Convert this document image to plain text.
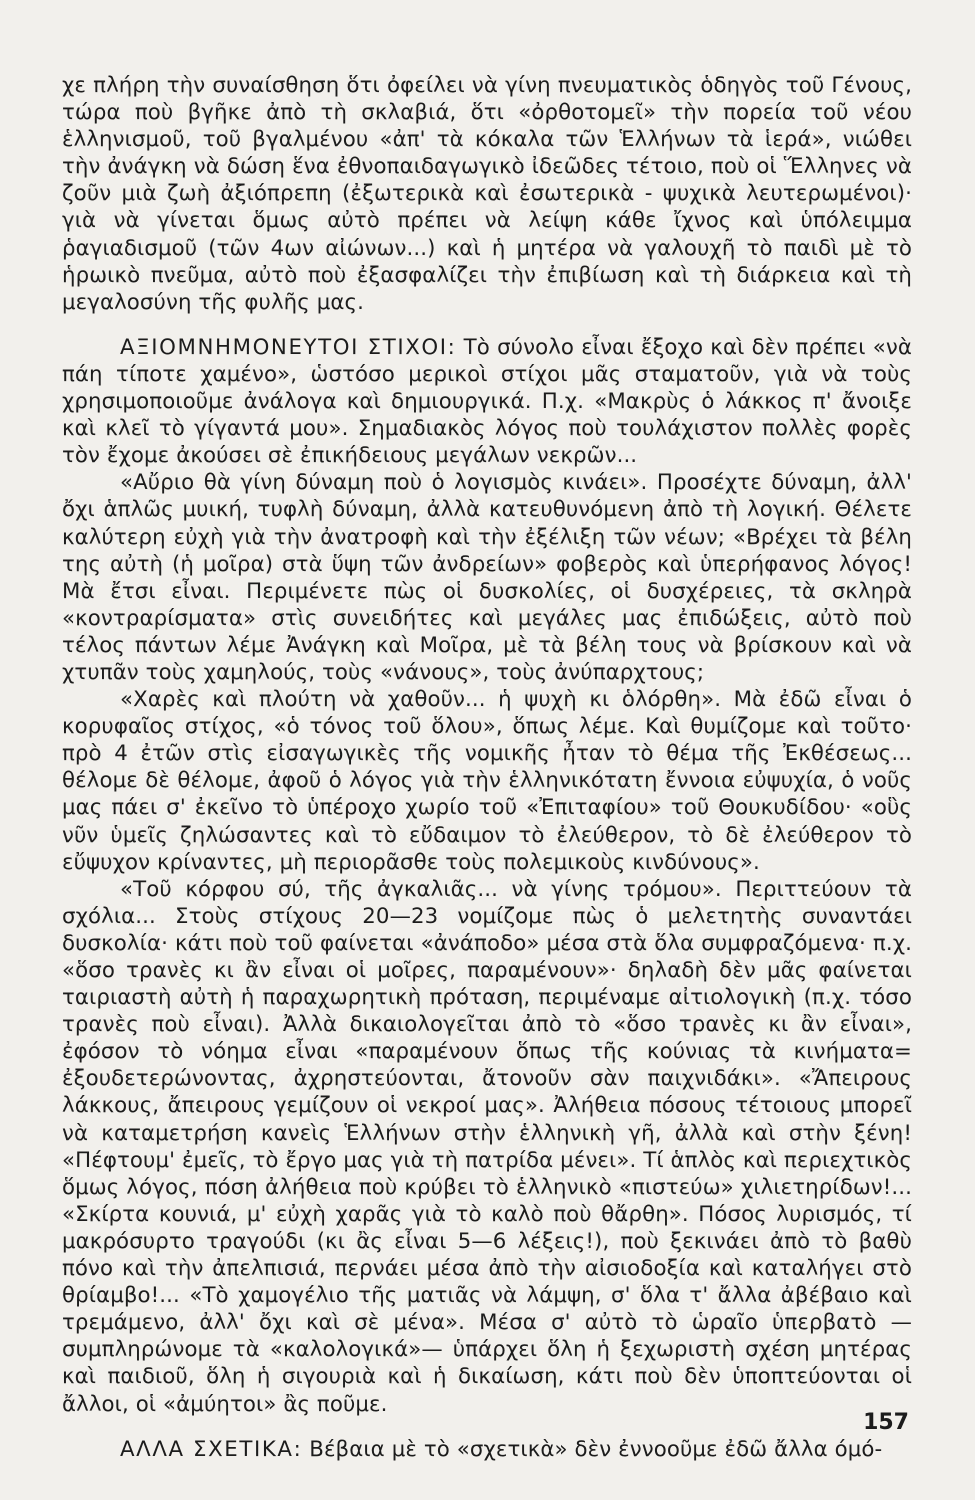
χε πλήρη τὴν συναίσθηση ὅτι ὀφείλει νὰ γίνη πνευματικὸς ὁδηγὸς τοῦ Γένους, τώρα ποὺ βγῆκε ἀπὸ τὴ σκλαβιά, ὅτι «ὀρθοτομεῖ» τὴν πορεία τοῦ νέου ἑλληνισμοῦ, τοῦ βγαλμένου «ἀπ' τὰ κόκαλα τῶν Ἑλλήνων τὰ ἱερά», νιώθει τὴν ἀνάγκη νὰ δώση ἕνα ἐθνοπαιδαγωγικὸ ἰδεῶδες τέτοιο, ποὺ οἱ Ἕλληνες νὰ ζοῦν μιὰ ζωὴ ἀξιόπρεπη (ἐξωτερικὰ καὶ ἐσωτερικὰ - ψυχικὰ λευτερωμένοι)· γιὰ νὰ γίνεται ὅμως αὐτὸ πρέπει νὰ λείψη κάθε ἴχνος καὶ ὑπόλειμμα ῥαγιαδισμοῦ (τῶν 4ων αἰώνων...) καὶ ἡ μητέρα νὰ γαλουχῆ τὸ παιδὶ μὲ τὸ ἡρωικὸ πνεῦμα, αὐτὸ ποὺ ἐξασφαλίζει τὴν ἐπιβίωση καὶ τὴ διάρκεια καὶ τὴ μεγαλοσύνη τῆς φυλῆς μας.

ΑΞΙΟΜΝΗΜΟΝΕΥΤΟΙ ΣΤΙΧΟΙ: Τὸ σύνολο εἶναι ἔξοχο καὶ δὲν πρέπει «νὰ πάη τίποτε χαμένο», ὡστόσο μερικοὶ στίχοι μᾶς σταματοῦν, γιὰ νὰ τοὺς χρησιμοποιοῦμε ἀνάλογα καὶ δημιουργικά. Π.χ. «Μακρὺς ὁ λάκκος π' ἄνοιξε καὶ κλεῖ τὸ γίγαντά μου». Σημαδιακὸς λόγος ποὺ τουλάχιστον πολλὲς φορὲς τὸν ἔχομε ἀκούσει σὲ ἐπικήδειους μεγάλων νεκρῶν...

«Αὔριο θὰ γίνη δύναμη ποὺ ὁ λογισμὸς κινάει». Προσέχτε δύναμη, ἀλλ' ὄχι ἁπλῶς μυική, τυφλὴ δύναμη, ἀλλὰ κατευθυνόμενη ἀπὸ τὴ λογική. Θέλετε καλύτερη εὐχὴ γιὰ τὴν ἀνατροφὴ καὶ τὴν ἐξέλιξη τῶν νέων; «Βρέχει τὰ βέλη της αὐτὴ (ἡ μοῖρα) στὰ ὕψη τῶν ἀνδρείων» φοβερὸς καὶ ὑπερήφανος λόγος! Μὰ ἔτσι εἶναι. Περιμένετε πὼς οἱ δυσκολίες, οἱ δυσχέρειες, τὰ σκληρὰ «κοντραρίσματα» στὶς συνειδήτες καὶ μεγάλες μας ἐπιδώξεις, αὐτὸ ποὺ τέλος πάντων λέμε Ἀνάγκη καὶ Μοῖρα, μὲ τὰ βέλη τους νὰ βρίσκουν καὶ νὰ χτυπᾶν τοὺς χαμηλούς, τοὺς «νάνους», τοὺς ἀνύπαρχτους;

«Χαρὲς καὶ πλούτη νὰ χαθοῦν... ἡ ψυχὴ κι ὁλόρθη». Μὰ ἐδῶ εἶναι ὁ κορυφαῖος στίχος, «ὁ τόνος τοῦ ὅλου», ὅπως λέμε. Καὶ θυμίζομε καὶ τοῦτο· πρὸ 4 ἐτῶν στὶς εἰσαγωγικὲς τῆς νομικῆς ἦταν τὸ θέμα τῆς Ἐκθέσεως... θέλομε δὲ θέλομε, ἀφοῦ ὁ λόγος γιὰ τὴν ἑλληνικότατη ἔννοια εὐψυχία, ὁ νοῦς μας πάει σ' ἐκεῖνο τὸ ὑπέροχο χωρίο τοῦ «Ἐπιταφίου» τοῦ Θουκυδίδου· «οὓς νῦν ὑμεῖς ζηλώσαντες καὶ τὸ εὔδαιμον τὸ ἐλεύθερον, τὸ δὲ ἐλεύθερον τὸ εὔψυχον κρίναντες, μὴ περιορᾶσθε τοὺς πολεμικοὺς κινδύνους».

«Τοῦ κόρφου σύ, τῆς ἀγκαλιᾶς... νὰ γίνης τρόμου». Περιττεύουν τὰ σχόλια... Στοὺς στίχους 20—23 νομίζομε πὼς ὁ μελετητὴς συναντάει δυσκολία· κάτι ποὺ τοῦ φαίνεται «ἀνάποδο» μέσα στὰ ὅλα συμφραζόμενα· π.χ. «ὅσο τρανὲς κι ἂν εἶναι οἱ μοῖρες, παραμένουν»· δηλαδὴ δὲν μᾶς φαίνεται ταιριαστὴ αὐτὴ ἡ παραχωρητικὴ πρόταση, περιμέναμε αἰτιολογικὴ (π.χ. τόσο τρανὲς ποὺ εἶναι). Ἀλλὰ δικαιολογεῖται ἀπὸ τὸ «ὅσο τρανὲς κι ἂν εἶναι», ἐφόσον τὸ νόημα εἶναι «παραμένουν ὅπως τῆς κούνιας τὰ κινήματα= ἐξουδετερώνοντας, ἀχρηστεύονται, ἄτονοῦν σὰν παιχνιδάκι». «Ἄπειρους λάκκους, ἄπειρους γεμίζουν οἱ νεκροί μας». Ἀλήθεια πόσους τέτοιους μπορεῖ νὰ καταμετρήση κανεὶς Ἑλλήνων στὴν ἑλληνικὴ γῆ, ἀλλὰ καὶ στὴν ξένη! «Πέφτουμ' ἐμεῖς, τὸ ἔργο μας γιὰ τὴ πατρίδα μένει». Τί ἁπλὸς καὶ περιεχτικὸς ὅμως λόγος, πόση ἀλήθεια ποὺ κρύβει τὸ ἑλληνικὸ «πιστεύω» χιλιετηρίδων!... «Σκίρτα κουνιά, μ' εὐχὴ χαρᾶς γιὰ τὸ καλὸ ποὺ θἄρθη». Πόσος λυρισμός, τί μακρόσυρτο τραγούδι (κι ἂς εἶναι 5—6 λέξεις!), ποὺ ξεκινάει ἀπὸ τὸ βαθὺ πόνο καὶ τὴν ἀπελπισιά, περνάει μέσα ἀπὸ τὴν αἰσιοδοξία καὶ καταλήγει στὸ θρίαμβο!... «Τὸ χαμογέλιο τῆς ματιᾶς νὰ λάμψη, σ' ὅλα τ' ἄλλα ἀβέβαιο καὶ τρεμάμενο, ἀλλ' ὄχι καὶ σὲ μένα». Μέσα σ' αὐτὸ τὸ ὡραῖο ὑπερβατὸ —συμπληρώνομε τὰ «καλολογικά»— ὑπάρχει ὅλη ἡ ξεχωριστὴ σχέση μητέρας καὶ παιδιοῦ, ὅλη ἡ σιγουριὰ καὶ ἡ δικαίωση, κάτι ποὺ δὲν ὑποπτεύονται οἱ ἄλλοι, οἱ «ἀμύητοι» ἂς ποῦμε.

ΑΛΛΑ ΣΧΕΤΙΚΑ: Βέβαια μὲ τὸ «σχετικὰ» δὲν ἐννοοῦμε ἐδῶ ἄλλα όμό-

157
